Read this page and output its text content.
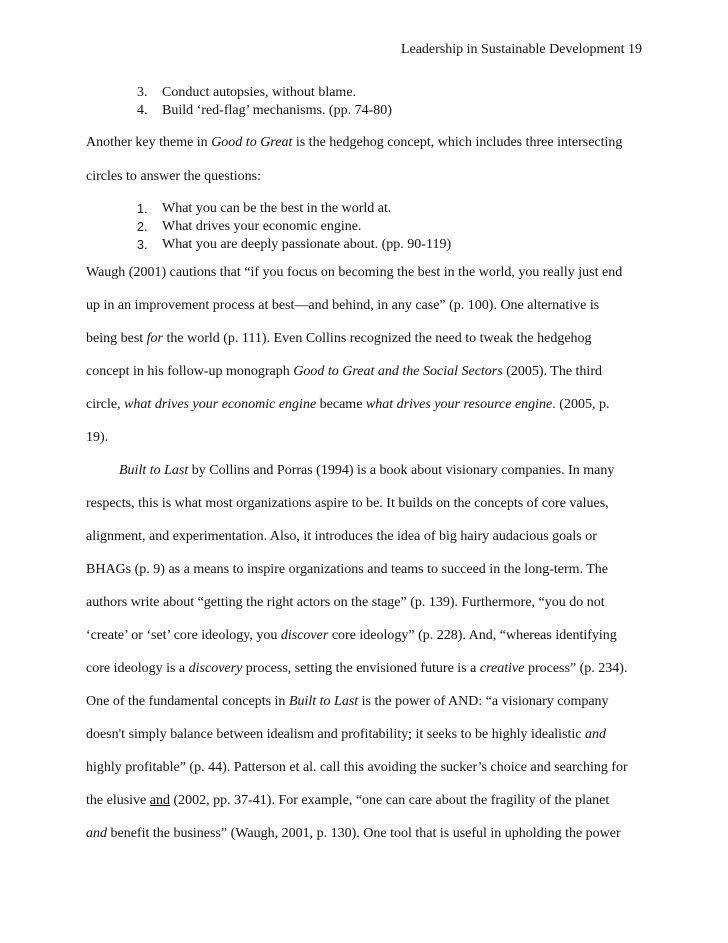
Leadership in Sustainable Development 19
3.	Conduct autopsies, without blame.
4.	Build ‘red-flag’ mechanisms. (pp. 74-80)
Another key theme in Good to Great is the hedgehog concept, which includes three intersecting
circles to answer the questions:
1.	What you can be the best in the world at.
2.	What drives your economic engine.
3.	What you are deeply passionate about. (pp. 90-119)
Waugh (2001) cautions that “if you focus on becoming the best in the world, you really just end
up in an improvement process at best—and behind, in any case” (p. 100). One alternative is
being best for the world (p. 111). Even Collins recognized the need to tweak the hedgehog
concept in his follow-up monograph Good to Great and the Social Sectors (2005). The third
circle, what drives your economic engine became what drives your resource engine. (2005, p.
19).
Built to Last by Collins and Porras (1994) is a book about visionary companies. In many
respects, this is what most organizations aspire to be. It builds on the concepts of core values,
alignment, and experimentation. Also, it introduces the idea of big hairy audacious goals or
BHAGs (p. 9) as a means to inspire organizations and teams to succeed in the long-term. The
authors write about “getting the right actors on the stage” (p. 139). Furthermore, “you do not
‘create’ or ‘set’ core ideology, you discover core ideology” (p. 228). And, “whereas identifying
core ideology is a discovery process, setting the envisioned future is a creative process” (p. 234).
One of the fundamental concepts in Built to Last is the power of AND: “a visionary company
doesn't simply balance between idealism and profitability; it seeks to be highly idealistic and
highly profitable” (p. 44). Patterson et al. call this avoiding the sucker’s choice and searching for
the elusive and (2002, pp. 37-41). For example, “one can care about the fragility of the planet
and benefit the business” (Waugh, 2001, p. 130). One tool that is useful in upholding the power
